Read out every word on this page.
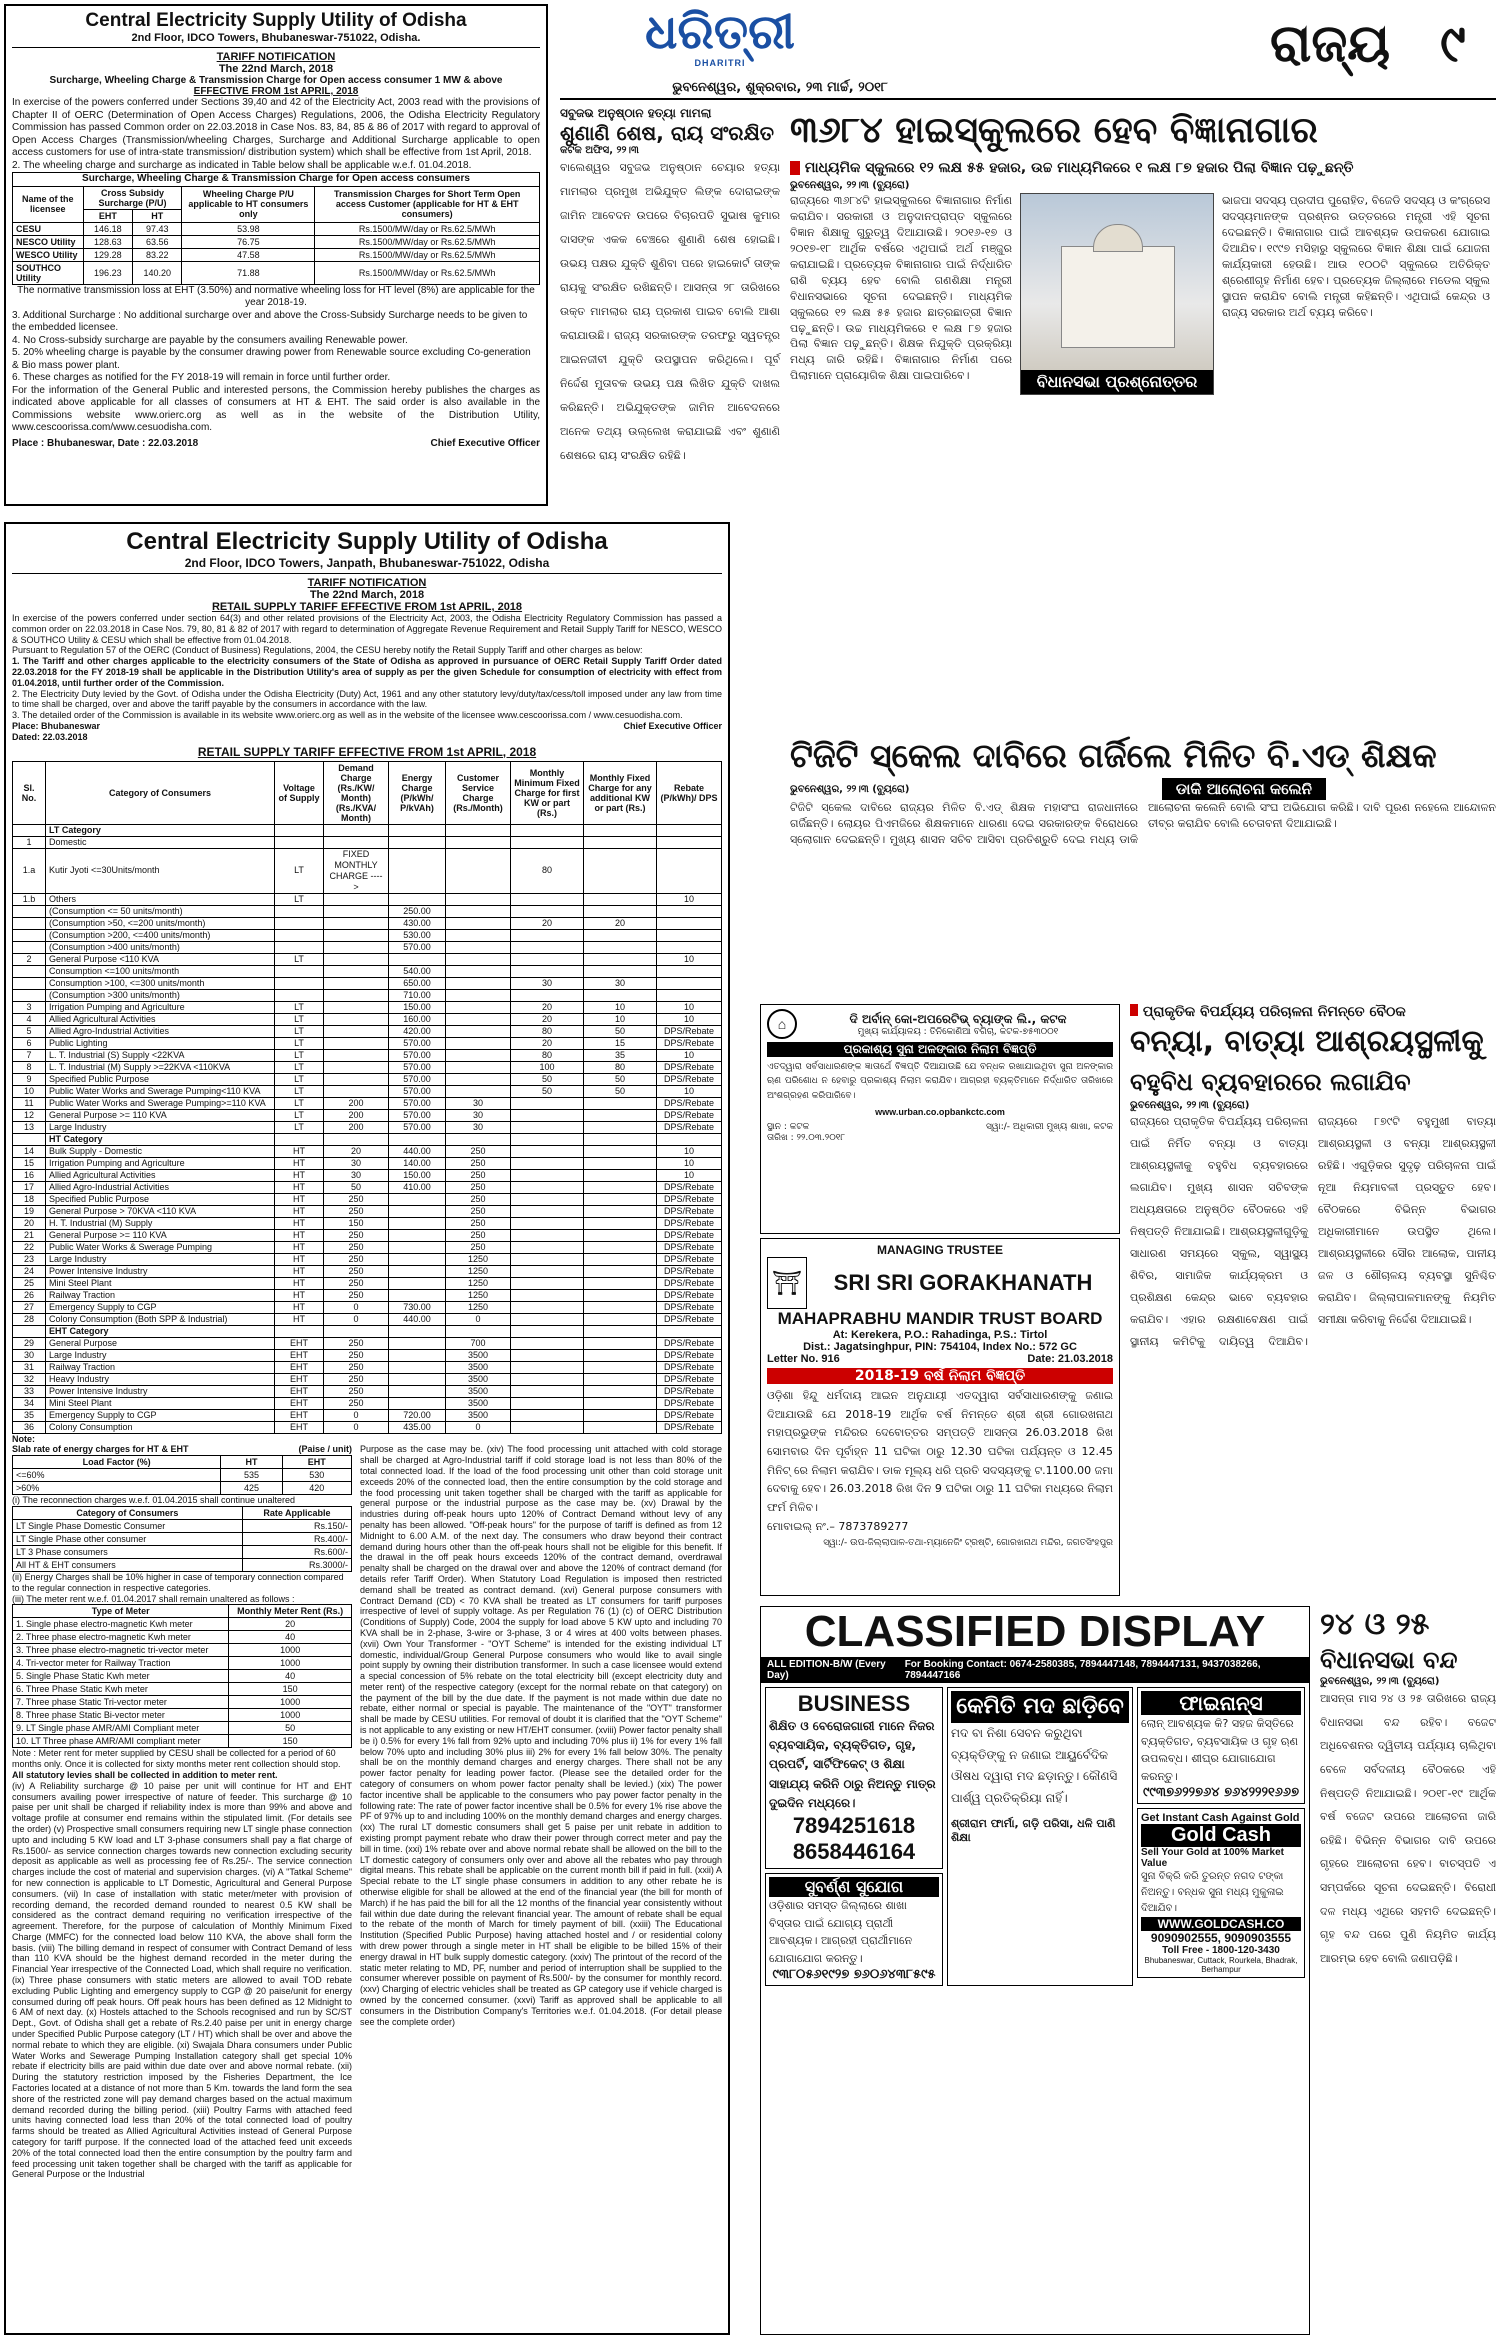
Central Electricity Supply Utility of Odisha
2nd Floor, IDCO Towers, Bhubaneswar-751022, Odisha.
TARIFF NOTIFICATION
The 22nd March, 2018
Surcharge, Wheeling Charge & Transmission Charge for Open access consumer 1 MW & above
EFFECTIVE FROM 1st APRIL, 2018
In exercise of the powers conferred under Sections 39,40 and 42 of the Electricity Act, 2003 read with the provisions of Chapter II of OERC (Determination of Open Access Charges) Regulations, 2006, the Odisha Electricity Regulatory Commission has passed Common order on 22.03.2018 in Case Nos. 83, 84, 85 & 86 of 2017 with regard to approval of Open Access Charges (Transmission/wheeling Charges, Surcharge and Additional Surcharge applicable to open access customers for use of intra-state transmission/ distribution system) which shall be effective from 1st April, 2018.
2. The wheeling charge and surcharge as indicated in Table below shall be applicable w.e.f. 01.04.2018.
Surcharge, Wheeling Charge & Transmission Charge for Open access consumers
Name of the licensee	Cross Subsidy Surcharge (P/U)		Wheeling Charge P/U applicable to HT consumers only	Transmission Charges for Short Term Open access Customer (applicable for HT & EHT consumers)
	EHT	HT		
CESU	146.18	97.43	53.98	Rs.1500/MW/day or Rs.62.5/MWh
NESCO Utility	128.63	63.56	76.75	Rs.1500/MW/day or Rs.62.5/MWh
WESCO Utility	129.28	83.22	47.58	Rs.1500/MW/day or Rs.62.5/MWh
SOUTHCO Utility	196.23	140.20	71.88	Rs.1500/MW/day or Rs.62.5/MWh
The normative transmission loss at EHT (3.50%) and normative wheeling loss for HT level (8%) are applicable for the year 2018-19.
3. Additional Surcharge : No additional surcharge over and above the Cross-Subsidy Surcharge needs to be given to the embedded licensee.
4. No Cross-subsidy surcharge are payable by the consumers availing Renewable power.
5. 20% wheeling charge is payable by the consumer drawing power from Renewable source excluding Co-generation & Bio mass power plant.
6. These charges as notified for the FY 2018-19 will remain in force until further order.
For the information of the General Public and interested persons, the Commission hereby publishes the charges as indicated above applicable for all classes of consumers at HT & EHT. The said order is also available in the Commissions website www.orierc.org as well as in the website of the Distribution Utility, www.cescoorissa.com/www.cesuodisha.com.
Place : Bhubaneswar, Date : 22.03.2018	Chief Executive Officer
Central Electricity Supply Utility of Odisha
2nd Floor, IDCO Towers, Janpath, Bhubaneswar-751022, Odisha
TARIFF NOTIFICATION
The 22nd March, 2018
RETAIL SUPPLY TARIFF EFFECTIVE FROM 1st APRIL, 2018
In exercise of the powers conferred under section 64(3) and other related provisions of the Electricity Act, 2003, the Odisha Electricity Regulatory Commission has passed a common order on 22.03.2018 in Case Nos. 79, 80, 81 & 82 of 2017 with regard to determination of Aggregate Revenue Requirement and Retail Supply Tariff for NESCO, WESCO & SOUTHCO Utility & CESU which shall be effective from 01.04.2018.
Pursuant to Regulation 57 of the OERC (Conduct of Business) Regulations, 2004, the CESU hereby notify the Retail Supply Tariff and other charges as below:
1. The Tariff and other charges applicable to the electricity consumers of the State of Odisha as approved in pursuance of OERC Retail Supply Tariff Order dated 22.03.2018 for the FY 2018-19 shall be applicable in the Distribution Utility's area of supply as per the given Schedule for consumption of electricity with effect from 01.04.2018, until further order of the Commission.
2. The Electricity Duty levied by the Govt. of Odisha under the Odisha Electricity (Duty) Act, 1961 and any other statutory levy/duty/tax/cess/toll imposed under any law from time to time shall be charged, over and above the tariff payable by the consumers in accordance with the law.
3. The detailed order of the Commission is available in its website www.orierc.org as well as in the website of the licensee www.cescoorissa.com / www.cesuodisha.com.
Place: Bhubaneswar
Dated: 22.03.2018
Chief Executive Officer
RETAIL SUPPLY TARIFF EFFECTIVE FROM 1st APRIL, 2018
Sl. No.	Category of Consumers	Voltage of Supply	Demand Charge (Rs./KW/ Month) (Rs./KVA/ Month)	Energy Charge (P/kWh/ P/kVAh)	Customer Service Charge (Rs./Month)	Monthly Minimum Fixed Charge for first KW or part (Rs.)	Monthly Fixed Charge for any additional KW or part (Rs.)	Rebate (P/kWh)/ DPS
	LT Category							
1	Domestic							
1.a	Kutir Jyoti <=30Units/month	LT	FIXED MONTHLY CHARGE ---->			80		
1.b	Others	LT						10
	(Consumption <= 50 units/month)			250.00				
	(Consumption >50, <=200 units/month)			430.00		20	20	
	(Consumption >200, <=400 units/month)			530.00				
	(Consumption >400 units/month)			570.00				
2	General Purpose <110 KVA	LT						10
	Consumption <=100 units/month			540.00				
	Consumption >100, <=300 units/month			650.00		30	30	
	(Consumption >300 units/month)			710.00				
3	Irrigation Pumping and Agriculture	LT		150.00		20	10	10
4	Allied Agricultural Activities	LT		160.00		20	10	10
5	Allied Agro-Industrial Activities	LT		420.00		80	50	DPS/Rebate
6	Public Lighting	LT		570.00		20	15	DPS/Rebate
7	L. T. Industrial (S) Supply <22KVA	LT		570.00		80	35	10
8	L. T. Industrial (M) Supply >=22KVA <110KVA	LT		570.00		100	80	DPS/Rebate
9	Specified Public Purpose	LT		570.00		50	50	DPS/Rebate
10	Public Water Works and Swerage Pumping<110 KVA	LT		570.00		50	50	10
11	Public Water Works and Swerage Pumping>=110 KVA	LT	200	570.00	30			DPS/Rebate
12	General Purpose >= 110 KVA	LT	200	570.00	30			DPS/Rebate
13	Large Industry	LT	200	570.00	30			DPS/Rebate
	HT Category							
14	Bulk Supply - Domestic	HT	20	440.00	250			10
15	Irrigation Pumping and Agriculture	HT	30	140.00	250			10
16	Allied Agricultural Activities	HT	30	150.00	250			10
17	Allied Agro-Industrial Activities	HT	50	410.00	250			DPS/Rebate
18	Specified Public Purpose	HT	250		250			DPS/Rebate
19	General Purpose > 70KVA <110 KVA	HT	250		250			DPS/Rebate
20	H. T. Industrial (M) Supply	HT	150		250			DPS/Rebate
21	General Purpose >= 110 KVA	HT	250		250			DPS/Rebate
22	Public Water Works & Swerage Pumping	HT	250		250			DPS/Rebate
23	Large Industry	HT	250		1250			DPS/Rebate
24	Power Intensive Industry	HT	250		1250			DPS/Rebate
25	Mini Steel Plant	HT	250		1250			DPS/Rebate
26	Railway Traction	HT	250		1250			DPS/Rebate
27	Emergency Supply to CGP	HT	0	730.00	1250			DPS/Rebate
28	Colony Consumption (Both SPP & Industrial)	HT	0	440.00	0			DPS/Rebate
	EHT Category							
29	General Purpose	EHT	250		700			DPS/Rebate
30	Large Industry	EHT	250		3500			DPS/Rebate
31	Railway Traction	EHT	250		3500			DPS/Rebate
32	Heavy Industry	EHT	250		3500			DPS/Rebate
33	Power Intensive Industry	EHT	250		3500			DPS/Rebate
34	Mini Steel Plant	EHT	250		3500			DPS/Rebate
35	Emergency Supply to CGP	EHT	0	720.00	3500			DPS/Rebate
36	Colony Consumption	EHT	0	435.00	0			DPS/Rebate
Note:
Slab rate of energy charges for HT & EHT	(Paise / unit)
Load Factor (%)	HT	EHT
<=60%	535	530
>60%	425	420
(i) The reconnection charges w.e.f. 01.04.2015 shall continue unaltered
Category of Consumers	Rate Applicable
LT Single Phase Domestic Consumer	Rs.150/-
LT Single Phase other consumer	Rs.400/-
LT 3 Phase consumers	Rs.600/-
All HT & EHT consumers	Rs.3000/-
(ii) Energy Charges shall be 10% higher in case of temporary connection compared to the regular connection in respective categories.
(iii) The meter rent w.e.f. 01.04.2017 shall remain unaltered as follows :
Type of Meter	Monthly Meter Rent (Rs.)
1. Single phase electro-magnetic Kwh meter	20
2. Three phase electro-magnetic Kwh meter	40
3. Three phase electro-magnetic tri-vector meter	1000
4. Tri-vector meter for Railway Traction	1000
5. Single Phase Static Kwh meter	40
6. Three Phase Static Kwh meter	150
7. Three phase Static Tri-vector meter	1000
8. Three phase Static Bi-vector meter	1000
9. LT Single phase AMR/AMI Compliant meter	50
10. LT Three phase AMR/AMI compliant meter	150
Note : Meter rent for meter supplied by CESU shall be collected for a period of 60 months only. Once it is collected for sixty months meter rent collection should stop.
All statutory levies shall be collected in addition to meter rent.
(iv) A Reliability surcharge @ 10 paise per unit will continue for HT and EHT consumers availing power irrespective of nature of feeder. This surcharge @ 10 paise per unit shall be charged if reliability index is more than 99% and above and voltage profile at consumer end remains within the stipulated limit. (For details see the order) (v) Prospective small consumers requiring new LT single phase connection upto and including 5 KW load and LT 3-phase consumers shall pay a flat charge of Rs.1500/- as service connection charges towards new connection excluding security deposit as applicable as well as processing fee of Rs.25/-. The service connection charges include the cost of material and supervision charges. (vi) A "Tatkal Scheme" for new connection is applicable to LT Domestic, Agricultural and General Purpose consumers. (vii) In case of installation with static meter/meter with provision of recording demand, the recorded demand rounded to nearest 0.5 KW shall be considered as the contract demand requiring no verification irrespective of the agreement. Therefore, for the purpose of calculation of Monthly Minimum Fixed Charge (MMFC) for the connected load below 110 KVA, the above shall form the basis. (viii) The billing demand in respect of consumer with Contract Demand of less than 110 KVA should be the highest demand recorded in the meter during the Financial Year irrespective of the Connected Load, which shall require no verification. (ix) Three phase consumers with static meters are allowed to avail TOD rebate excluding Public Lighting and emergency supply to CGP @ 20 paise/unit for energy consumed during off peak hours. Off peak hours has been defined as 12 Midnight to 6 AM of next day. (x) Hostels attached to the Schools recognised and run by SC/ST Dept., Govt. of Odisha shall get a rebate of Rs.2.40 paise per unit in energy charge under Specified Public Purpose category (LT / HT) which shall be over and above the normal rebate to which they are eligible. (xi) Swajala Dhara consumers under Public Water Works and Sewerage Pumping Installation category shall get special 10% rebate if electricity bills are paid within due date over and above normal rebate. (xii) During the statutory restriction imposed by the Fisheries Department, the Ice Factories located at a distance of not more than 5 Km. towards the land form the sea shore of the restricted zone will pay demand charges based on the actual maximum demand recorded during the billing period. (xiii) Poultry Farms with attached feed units having connected load less than 20% of the total connected load of poultry farms should be treated as Allied Agricultural Activities instead of General Purpose category for tariff purpose. If the connected load of the attached feed unit exceeds 20% of the total connected load then the entire consumption by the poultry farm and feed processing unit taken together shall be charged with the tariff as applicable for General Purpose or the Industrial
Purpose as the case may be. (xiv) The food processing unit attached with cold storage shall be charged at Agro-Industrial tariff if cold storage load is not less than 80% of the total connected load. If the load of the food processing unit other than cold storage unit exceeds 20% of the connected load, then the entire consumption by the cold storage and the food processing unit taken together shall be charged with the tariff as applicable for general purpose or the industrial purpose as the case may be. (xv) Drawal by the industries during off-peak hours upto 120% of Contract Demand without levy of any penalty has been allowed. "Off-peak hours" for the purpose of tariff is defined as from 12 Midnight to 6.00 A.M. of the next day. The consumers who draw beyond their contract demand during hours other than the off-peak hours shall not be eligible for this benefit. If the drawal in the off peak hours exceeds 120% of the contract demand, overdrawal penalty shall be charged on the drawal over and above the 120% of contract demand (for details refer Tariff Order). When Statutory Load Regulation is imposed then restricted demand shall be treated as contract demand. (xvi) General purpose consumers with Contract Demand (CD) < 70 KVA shall be treated as LT consumers for tariff purposes irrespective of level of supply voltage. As per Regulation 76 (1) (c) of OERC Distribution (Conditions of Supply) Code, 2004 the supply for load above 5 KW upto and including 70 KVA shall be in 2-phase, 3-wire or 3-phase, 3 or 4 wires at 400 volts between phases. (xvii) Own Your Transformer - "OYT Scheme" is intended for the existing individual LT domestic, individual/Group General Purpose consumers who would like to avail single point supply by owning their distribution transformer. In such a case licensee would extend a special concession of 5% rebate on the total electricity bill (except electricity duty and meter rent) of the respective category (except for the normal rebate on that category) on the payment of the bill by the due date. If the payment is not made within due date no rebate, either normal or special is payable. The maintenance of the "OYT" transformer shall be made by CESU utilities. For removal of doubt it is clarified that the "OYT Scheme" is not applicable to any existing or new HT/EHT consumer. (xviii) Power factor penalty shall be i) 0.5% for every 1% fall from 92% upto and including 70% plus ii) 1% for every 1% fall below 70% upto and including 30% plus iii) 2% for every 1% fall below 30%. The penalty shall be on the monthly demand charges and energy charges. There shall not be any power factor penalty for leading power factor. (Please see the detailed order for the category of consumers on whom power factor penalty shall be levied.) (xix) The power factor incentive shall be applicable to the consumers who pay power factor penalty in the following rate: The rate of power factor incentive shall be 0.5% for every 1% rise above the PF of 97% up to and including 100% on the monthly demand charges and energy charges. (xx) The rural LT domestic consumers shall get 5 paise per unit rebate in addition to existing prompt payment rebate who draw their power through correct meter and pay the bill in time. (xxi) 1% rebate over and above normal rebate shall be allowed on the bill to the LT domestic category of consumers only over and above all the rebates who pay through digital means. This rebate shall be applicable on the current month bill if paid in full. (xxii) A Special rebate to the LT single phase consumers in addition to any other rebate he is otherwise eligible for shall be allowed at the end of the financial year (the bill for month of March) if he has paid the bill for all the 12 months of the financial year consistently without fail within due date during the relevant financial year. The amount of rebate shall be equal to the rebate of the month of March for timely payment of bill. (xxiii) The Educational Institution (Specified Public Purpose) having attached hostel and / or residential colony with drew power through a single meter in HT shall be eligible to be billed 15% of their energy drawal in HT bulk supply domestic category. (xxiv) The printout of the record of the static meter relating to MD, PF, number and period of interruption shall be supplied to the consumer wherever possible on payment of Rs.500/- by the consumer for monthly record. (xxv) Charging of electric vehicles shall be treated as GP category use if vehicle charged is owned by the concerned consumer. (xxvi) Tariff as approved shall be applicable to all consumers in the Distribution Company's Territories w.e.f. 01.04.2018. (For detail please see the complete order)
ଧରିତ୍ରୀ
DHARITRI
ଭୁବନେଶ୍ୱର, ଶୁକ୍ରବାର, ୨୩ ମାର୍ଚ୍ଚ, ୨୦୧୮
ରାଜ୍ୟ ୯
ସବୁଜଭ ଅନୁଷ୍ଠାନ ହତ୍ୟା ମାମଲା
ଶୁଣାଣି ଶେଷ, ରାୟ ସଂରକ୍ଷିତ
କଟକ ଅଫିସ, ୨୨।୩
ବାଲେଶ୍ୱର ସବୁଜଭ ଅନୁଷ୍ଠାନ ଚେୟାର ହତ୍ୟା ମାମଲାର ପ୍ରମୁଖ ଅଭିଯୁକ୍ତ ଲିଙ୍କ ଦୋରାଇଙ୍କ ଜାମିନ ଆବେଦନ ଉପରେ ବିଚାରପତି ସୁଭାଷ କୁମାର ଦାସଙ୍କ ଏକକ ବେଞ୍ଚରେ ଶୁଣାଣି ଶେଷ ହୋଇଛି। ଉଭୟ ପକ୍ଷର ଯୁକ୍ତି ଶୁଣିବା ପରେ ହାଇକୋର୍ଟ ତାଙ୍କ ରାୟକୁ ସଂରକ୍ଷିତ ରଖିଛନ୍ତି। ଆସନ୍ତା ୨୮ ତାରିଖରେ ଉକ୍ତ ମାମଲାର ରାୟ ପ୍ରକାଶ ପାଇବ ବୋଲି ଆଶା କରାଯାଉଛି। ରାଜ୍ୟ ସରକାରଙ୍କ ତରଫରୁ ସ୍ୱତନ୍ତ୍ର ଆଇନଜୀବୀ ଯୁକ୍ତି ଉପସ୍ଥାପନ କରିଥିଲେ। ପୂର୍ବ ନିର୍ଦ୍ଦେଶ ମୁତାବକ ଉଭୟ ପକ୍ଷ ଲିଖିତ ଯୁକ୍ତି ଦାଖଲ କରିଛନ୍ତି। ଅଭିଯୁକ୍ତଙ୍କ ଜାମିନ ଆବେଦନରେ ଅନେକ ତଥ୍ୟ ଉଲ୍ଲେଖ କରାଯାଇଛି ଏବଂ ଶୁଣାଣି ଶେଷରେ ରାୟ ସଂରକ୍ଷିତ ରହିଛି।
୩୬୮୪ ହାଇସ୍କୁଲରେ ହେବ ବିଜ୍ଞାନାଗାର
ମାଧ୍ୟମିକ ସ୍କୁଲରେ ୧୨ ଲକ୍ଷ ୫୫ ହଜାର, ଉଚ୍ଚ ମାଧ୍ୟମିକରେ ୧ ଲକ୍ଷ ୮୭ ହଜାର ପିଲା ବିଜ୍ଞାନ ପଢ଼ୁଛନ୍ତି
ଭୁବନେଶ୍ୱର, ୨୨।୩ (ବ୍ୟୁରୋ)
ରାଜ୍ୟରେ ୩୬୮୪ଟି ହାଇସ୍କୁଲରେ ବିଜ୍ଞାନାଗାର ନିର୍ମାଣ କରାଯିବ। ସରକାରୀ ଓ ଅନୁଦାନପ୍ରାପ୍ତ ସ୍କୁଲରେ ବିଜ୍ଞାନ ଶିକ୍ଷାକୁ ଗୁରୁତ୍ୱ ଦିଆଯାଉଛି। ୨୦୧୬-୧୭ ଓ ୨୦୧୭-୧୮ ଆର୍ଥିକ ବର୍ଷରେ ଏଥିପାଇଁ ଅର୍ଥ ମଞ୍ଜୁର କରାଯାଇଛି। ପ୍ରତ୍ୟେକ ବିଜ୍ଞାନାଗାର ପାଇଁ ନିର୍ଦ୍ଧାରିତ ରାଶି ବ୍ୟୟ ହେବ ବୋଲି ଗଣଶିକ୍ଷା ମନ୍ତ୍ରୀ ବିଧାନସଭାରେ ସୂଚନା ଦେଇଛନ୍ତି। ମାଧ୍ୟମିକ ସ୍କୁଲରେ ୧୨ ଲକ୍ଷ ୫୫ ହଜାର ଛାତ୍ରଛାତ୍ରୀ ବିଜ୍ଞାନ ପଢ଼ୁଛନ୍ତି। ଉଚ୍ଚ ମାଧ୍ୟମିକରେ ୧ ଲକ୍ଷ ୮୭ ହଜାର ପିଲା ବିଜ୍ଞାନ ପଢ଼ୁଛନ୍ତି। ଶିକ୍ଷକ ନିଯୁକ୍ତି ପ୍ରକ୍ରିୟା ମଧ୍ୟ ଜାରି ରହିଛି। ବିଜ୍ଞାନାଗାର ନିର୍ମାଣ ପରେ ପିଲାମାନେ ପ୍ରାୟୋଗିକ ଶିକ୍ଷା ପାଇପାରିବେ।	ବିଧାନସଭା ପ୍ରଶ୍ନୋତ୍ତର
ଭାଜପା ସଦସ୍ୟ ପ୍ରଦୀପ ପୁରୋହିତ, ବିଜେଡି ସଦସ୍ୟ ଓ କଂଗ୍ରେସ ସଦସ୍ୟମାନଙ୍କ ପ୍ରଶ୍ନର ଉତ୍ତରରେ ମନ୍ତ୍ରୀ ଏହି ସୂଚନା ଦେଇଛନ୍ତି। ବିଜ୍ଞାନାଗାର ପାଇଁ ଆବଶ୍ୟକ ଉପକରଣ ଯୋଗାଇ ଦିଆଯିବ। ୧୯୯୭ ମସିହାରୁ ସ୍କୁଲରେ ବିଜ୍ଞାନ ଶିକ୍ଷା ପାଇଁ ଯୋଜନା କାର୍ଯ୍ୟକାରୀ ହେଉଛି। ଆଉ ୧୦୦ଟି ସ୍କୁଲରେ ଅତିରିକ୍ତ ଶ୍ରେଣୀଗୃହ ନିର୍ମାଣ ହେବ। ପ୍ରତ୍ୟେକ ଜିଲ୍ଲାରେ ମଡେଲ ସ୍କୁଲ ସ୍ଥାପନ କରାଯିବ ବୋଲି ମନ୍ତ୍ରୀ କହିଛନ୍ତି। ଏଥିପାଇଁ କେନ୍ଦ୍ର ଓ ରାଜ୍ୟ ସରକାର ଅର୍ଥ ବ୍ୟୟ କରିବେ।
ଟିଜିଟି ସ୍କେଲ ଦାବିରେ ଗର୍ଜିଲେ ମିଳିତ ବି.ଏଡ୍ ଶିକ୍ଷକ
ଭୁବନେଶ୍ୱର, ୨୨।୩ (ବ୍ୟୁରୋ)	ଡାକି ଆଲୋଚନା କଲେନି
ଟିଜିଟି ସ୍କେଲ ଦାବିରେ ରାଜ୍ୟର ମିଳିତ ବି.ଏଡ୍ ଶିକ୍ଷକ ମହାସଂଘ ରାଜଧାନୀରେ ଗର୍ଜିଛନ୍ତି। ଲୋୟର ପିଏମଜିରେ ଶିକ୍ଷକମାନେ ଧାରଣା ଦେଇ ସରକାରଙ୍କ ବିରୋଧରେ ସ୍ଲୋଗାନ ଦେଇଛନ୍ତି। ମୁଖ୍ୟ ଶାସନ ସଚିବ ଆସିବା ପ୍ରତିଶ୍ରୁତି ଦେଇ ମଧ୍ୟ ଡାକି ଆଲୋଚନା କଲେନି ବୋଲି ସଂଘ ଅଭିଯୋଗ କରିଛି। ଦାବି ପୂରଣ ନହେଲେ ଆନ୍ଦୋଳନ ତୀବ୍ର କରାଯିବ ବୋଲି ଚେତାବନୀ ଦିଆଯାଇଛି।
⌂	ଦି ଅର୍ବାନ୍ କୋ-ଅପରେଟିଭ୍ ବ୍ୟାଙ୍କ ଲି., କଟକ
ମୁଖ୍ୟ କାର୍ଯ୍ୟାଳୟ : ତିନିକୋଣିଆ ବଗିଚା, କଟକ-୭୫୩୦୦୧
ପ୍ରକାଶ୍ୟ ସୁନା ଅଳଙ୍କାର ନିଲାମ ବିଜ୍ଞପ୍ତି
ଏତଦ୍ୱାରା ସର୍ବସାଧାରଣଙ୍କ ଜ୍ଞାତାର୍ଥେ ବିଜ୍ଞପ୍ତି ଦିଆଯାଉଛି ଯେ ବନ୍ଧକ ରଖାଯାଇଥିବା ସୁନା ଅଳଙ୍କାର ଋଣ ପରିଶୋଧ ନ ହେବାରୁ ପ୍ରକାଶ୍ୟ ନିଲାମ କରାଯିବ। ଆଗ୍ରହୀ ବ୍ୟକ୍ତିମାନେ ନିର୍ଦ୍ଧାରିତ ତାରିଖରେ ଅଂଶଗ୍ରହଣ କରିପାରିବେ।
www.urban.co.opbankctc.com
ସ୍ଥାନ : କଟକ
ତାରିଖ : ୨୨.୦୩.୨୦୧୮
ସ୍ୱା:/- ଅଧିକାରୀ ମୁଖ୍ୟ ଶାଖା, କଟକ
MANAGING TRUSTEE
⛩	SRI SRI GORAKHANATH
MAHAPRABHU MANDIR TRUST BOARD
At: Kerekera, P.O.: Rahadinga, P.S.: Tirtol
Dist.: Jagatsinghpur, PIN: 754104, Index No.: 572 GC
Letter No. 916	Date: 21.03.2018
2018-19 ବର୍ଷ ନିଲାମ ବିଜ୍ଞପ୍ତି
ଓଡ଼ିଶା ହିନ୍ଦୁ ଧର୍ମଦାୟ ଆଇନ ଅନୁଯାୟୀ ଏତଦ୍ୱାରା ସର୍ବସାଧାରଣଙ୍କୁ ଜଣାଇ ଦିଆଯାଉଛି ଯେ 2018-19 ଆର୍ଥିକ ବର୍ଷ ନିମନ୍ତେ ଶ୍ରୀ ଶ୍ରୀ ଗୋରଖନାଥ ମହାପ୍ରଭୁଙ୍କ ମନ୍ଦିରର ଦେବୋତ୍ତର ସମ୍ପତ୍ତି ଆସନ୍ତା 26.03.2018 ରିଖ ସୋମବାର ଦିନ ପୂର୍ବାହ୍ନ 11 ଘଟିକା ଠାରୁ 12.30 ଘଟିକା ପର୍ଯ୍ୟନ୍ତ ଓ 12.45 ମିନିଟ୍ ରେ ନିଲାମ କରାଯିବ। ଡାକ ମୂଲ୍ୟ ଧରି ପ୍ରତି ସଦସ୍ୟଙ୍କୁ ଟ.1100.00 ଜମା ଦେବାକୁ ହେବ। 26.03.2018 ରିଖ ଦିନ 9 ଘଟିକା ଠାରୁ 11 ଘଟିକା ମଧ୍ୟରେ ନିଲାମ ଫର୍ମ ମିଳିବ।
ମୋବାଇଲ୍ ନଂ.– 7873789277
ସ୍ୱା:/- ଉପ-ଜିଲ୍ଲାପାଳ-ତଥା-ମ୍ୟାନେଜିଂ ଟ୍ରଷ୍ଟି, ଗୋରଖନାଥ ମନ୍ଦିର, ଜଗତସିଂହପୁର
ପ୍ରାକୃତିକ ବିପର୍ଯ୍ୟୟ ପରିଚାଳନା ନିମନ୍ତେ ବୈଠକ
ବନ୍ୟା, ବାତ୍ୟା ଆଶ୍ରୟସ୍ଥଳୀକୁ
ବହୁବିଧ ବ୍ୟବହାରରେ ଲଗାଯିବ
ଭୁବନେଶ୍ୱର, ୨୨।୩ (ବ୍ୟୁରୋ)
ରାଜ୍ୟରେ ପ୍ରାକୃତିକ ବିପର୍ଯ୍ୟୟ ପରିଚାଳନା ପାଇଁ ନିର୍ମିତ ବନ୍ୟା ଓ ବାତ୍ୟା ଆଶ୍ରୟସ୍ଥଳୀକୁ ବହୁବିଧ ବ୍ୟବହାରରେ ଲଗାଯିବ। ମୁଖ୍ୟ ଶାସନ ସଚିବଙ୍କ ଅଧ୍ୟକ୍ଷତାରେ ଅନୁଷ୍ଠିତ ବୈଠକରେ ଏହି ନିଷ୍ପତ୍ତି ନିଆଯାଇଛି। ଆଶ୍ରୟସ୍ଥଳୀଗୁଡ଼ିକୁ ସାଧାରଣ ସମୟରେ ସ୍କୁଲ, ସ୍ୱାସ୍ଥ୍ୟ ଶିବିର, ସାମାଜିକ କାର୍ଯ୍ୟକ୍ରମ ଓ ପ୍ରଶିକ୍ଷଣ କେନ୍ଦ୍ର ଭାବେ ବ୍ୟବହାର କରାଯିବ। ଏହାର ରକ୍ଷଣାବେକ୍ଷଣ ପାଇଁ ସ୍ଥାନୀୟ କମିଟିକୁ ଦାୟିତ୍ୱ ଦିଆଯିବ। ରାଜ୍ୟରେ ୮୭୯ଟି ବହୁମୁଖୀ ବାତ୍ୟା ଆଶ୍ରୟସ୍ଥଳୀ ଓ ବନ୍ୟା ଆଶ୍ରୟସ୍ଥଳୀ ରହିଛି। ଏଗୁଡ଼ିକର ସୁଦୃଢ଼ ପରିଚାଳନା ପାଇଁ ନୂଆ ନିୟମାବଳୀ ପ୍ରସ୍ତୁତ ହେବ। ବୈଠକରେ ବିଭିନ୍ନ ବିଭାଗର ଅଧିକାରୀମାନେ ଉପସ୍ଥିତ ଥିଲେ। ଆଶ୍ରୟସ୍ଥଳୀରେ ସୌର ଆଲୋକ, ପାନୀୟ ଜଳ ଓ ଶୌଚାଳୟ ବ୍ୟବସ୍ଥା ସୁନିଶ୍ଚିତ କରାଯିବ। ଜିଲ୍ଲାପାଳମାନଙ୍କୁ ନିୟମିତ ସମୀକ୍ଷା କରିବାକୁ ନିର୍ଦ୍ଦେଶ ଦିଆଯାଇଛି।
CLASSIFIED DISPLAY
ALL EDITION-B/W (Every Day)
For Booking Contact: 0674-2580385, 7894447148, 7894447131, 9437038266, 7894447166
BUSINESS
ଶିକ୍ଷିତ ଓ ବେରୋଜଗାରୀ ମାନେ ନିଜର ବ୍ୟବସାୟିକ, ବ୍ୟକ୍ତିଗତ, ଗୃହ, ପ୍ରପର୍ଟି, ସାର୍ଟିଫିକେଟ୍ ଓ ଶିକ୍ଷା ସାହାଯ୍ୟ କରିନି ଠାରୁ ନିଅନ୍ତୁ ମାତ୍ର ଦୁଇଦିନ ମଧ୍ୟରେ।
7894251618
8658446164
ସୁବର୍ଣ୍ଣ ସୁଯୋଗ
ଓଡ଼ିଶାର ସମସ୍ତ ଜିଲ୍ଲାରେ ଶାଖା ବିସ୍ତାର ପାଇଁ ଯୋଗ୍ୟ ପ୍ରାର୍ଥୀ ଆବଶ୍ୟକ। ଆଗ୍ରହୀ ପ୍ରାର୍ଥୀମାନେ ଯୋଗାଯୋଗ କରନ୍ତୁ।
୯୩୮୦୫୬୧୯୨୭ ୭୬୦୬୪୩୮୫୯୫
କେମିତି ମଦ ଛାଡ଼ିବେ
ମଦ ବା ନିଶା ସେବନ କରୁଥିବା ବ୍ୟକ୍ତିଙ୍କୁ ନ ଜଣାଇ ଆୟୁର୍ବେଦିକ ଔଷଧ ଦ୍ୱାରା ମଦ ଛଡ଼ାନ୍ତୁ। କୌଣସି ପାର୍ଶ୍ୱ ପ୍ରତିକ୍ରିୟା ନାହିଁ।
ଶ୍ରୀରାମ ଫାର୍ମା, ଗଡ଼ି ପରିସା, ଧଳି ପାଣି ଶିକ୍ଷା
ଫାଇନାନ୍ସ
ଲୋନ୍ ଆବଶ୍ୟକ କି? ସହଜ କିସ୍ତିରେ ବ୍ୟକ୍ତିଗତ, ବ୍ୟବସାୟିକ ଓ ଗୃହ ଋଣ ଉପଲବ୍ଧ। ଶୀଘ୍ର ଯୋଗାଯୋଗ କରନ୍ତୁ।
୯୯୩୭୬୨୨୭୬୪ ୭୬୪୨୨୨୧୬୬୭
Get Instant Cash Against Gold
Gold Cash
Sell Your Gold at 100% Market Value
ସୁନା ବିକ୍ରି କରି ତୁରନ୍ତ ନଗଦ ଟଙ୍କା ନିଅନ୍ତୁ। ବନ୍ଧକ ସୁନା ମଧ୍ୟ ମୁକୁଳାଇ ଦିଆଯିବ।
WWW.GOLDCASH.CO
9090902555, 9090903555
Toll Free - 1800-120-3430
Bhubaneswar, Cuttack, Rourkela, Bhadrak, Berhampur
୨୪ ଓ ୨୫
ବିଧାନସଭା ବନ୍ଦ
ଭୁବନେଶ୍ୱର, ୨୨।୩ (ବ୍ୟୁରୋ)
ଆସନ୍ତା ମାସ ୨୪ ଓ ୨୫ ତାରିଖରେ ରାଜ୍ୟ ବିଧାନସଭା ବନ୍ଦ ରହିବ। ବଜେଟ ଅଧିବେଶନର ଦ୍ୱିତୀୟ ପର୍ଯ୍ୟାୟ ଚାଲିଥିବା ବେଳେ ସର୍ବଦଳୀୟ ବୈଠକରେ ଏହି ନିଷ୍ପତ୍ତି ନିଆଯାଇଛି। ୨୦୧୮-୧୯ ଆର୍ଥିକ ବର୍ଷ ବଜେଟ ଉପରେ ଆଲୋଚନା ଜାରି ରହିଛି। ବିଭିନ୍ନ ବିଭାଗର ଦାବି ଉପରେ ଗୃହରେ ଆଲୋଚନା ହେବ। ବାଚସ୍ପତି ଏ ସମ୍ପର୍କରେ ସୂଚନା ଦେଇଛନ୍ତି। ବିରୋଧୀ ଦଳ ମଧ୍ୟ ଏଥିରେ ସହମତି ଦେଇଛନ୍ତି। ଗୃହ ବନ୍ଦ ପରେ ପୁଣି ନିୟମିତ କାର୍ଯ୍ୟ ଆରମ୍ଭ ହେବ ବୋଲି ଜଣାପଡ଼ିଛି।
